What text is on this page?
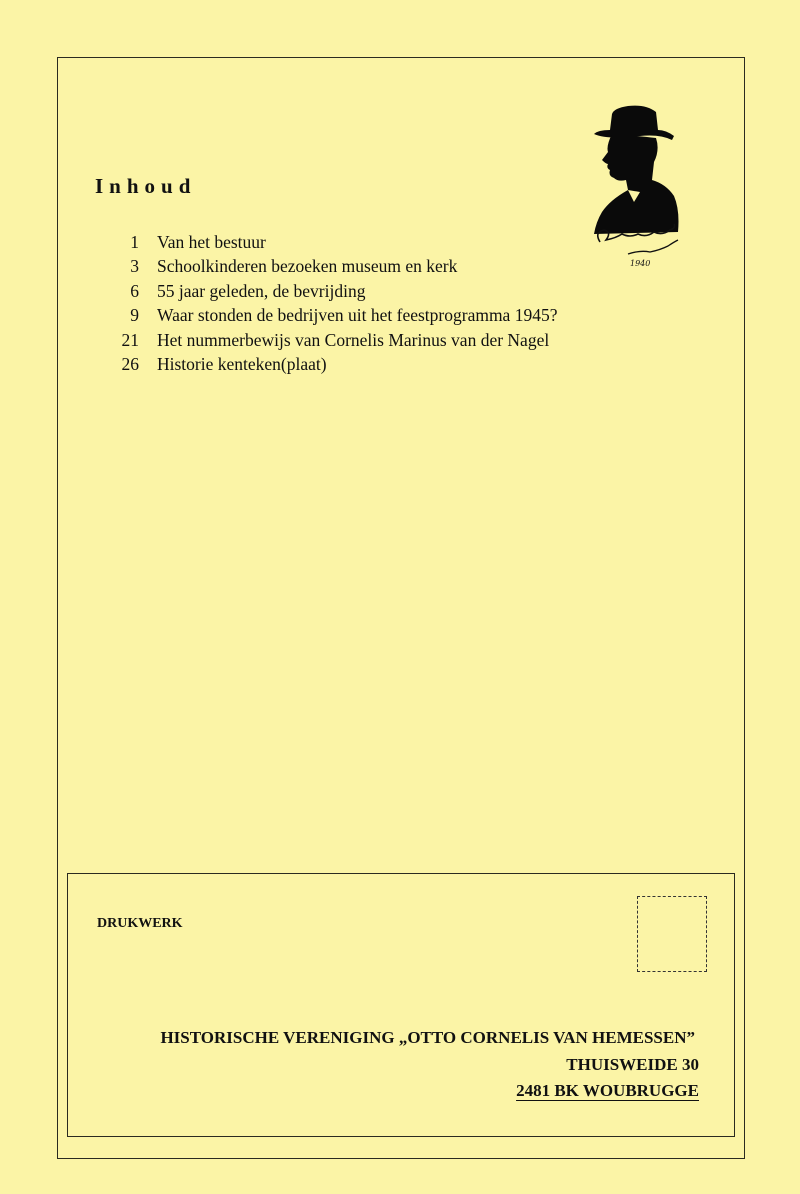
Inhoud
1 Van het bestuur
3 Schoolkinderen bezoeken museum en kerk
6 55 jaar geleden, de bevrijding
9 Waar stonden de bedrijven uit het feestprogramma 1945?
21 Het nummerbewijs van Cornelis Marinus van der Nagel
26 Historie kenteken(plaat)
1940

DRUKWERK

HISTORISCHE VERENIGING „OTTO CORNELIS VAN HEMESSEN”

THUISWEIDE 30

2481 BK WOUBRUGGE
